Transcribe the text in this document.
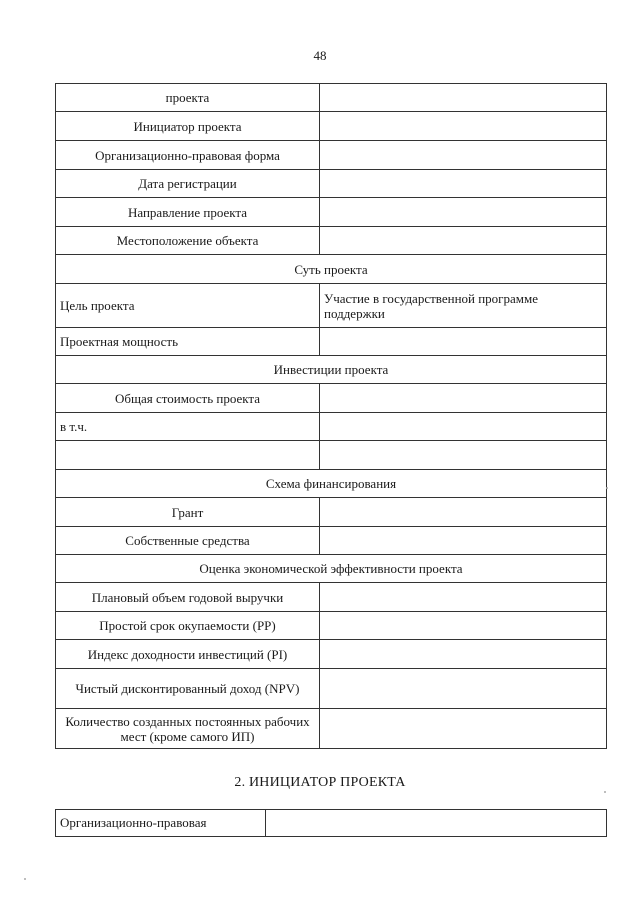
48
проекта	
Инициатор проекта	
Организационно-правовая форма	
Дата регистрации	
Направление проекта	
Местоположение объекта	
Суть проекта	
Цель проекта	Участие в государственной программе поддержки
Проектная мощность	
Инвестиции проекта	
Общая стоимость проекта	
в т.ч.	

Схема финансирования	
Грант	
Собственные средства	
Оценка экономической эффективности проекта	
Плановый объем годовой выручки	
Простой срок окупаемости (PP)	
Индекс доходности инвестиций (PI)	
Чистый дисконтированный доход (NPV)	
Количество созданных постоянных рабочих мест (кроме самого ИП)	
2. ИНИЦИАТОР ПРОЕКТА
Организационно-правовая	
